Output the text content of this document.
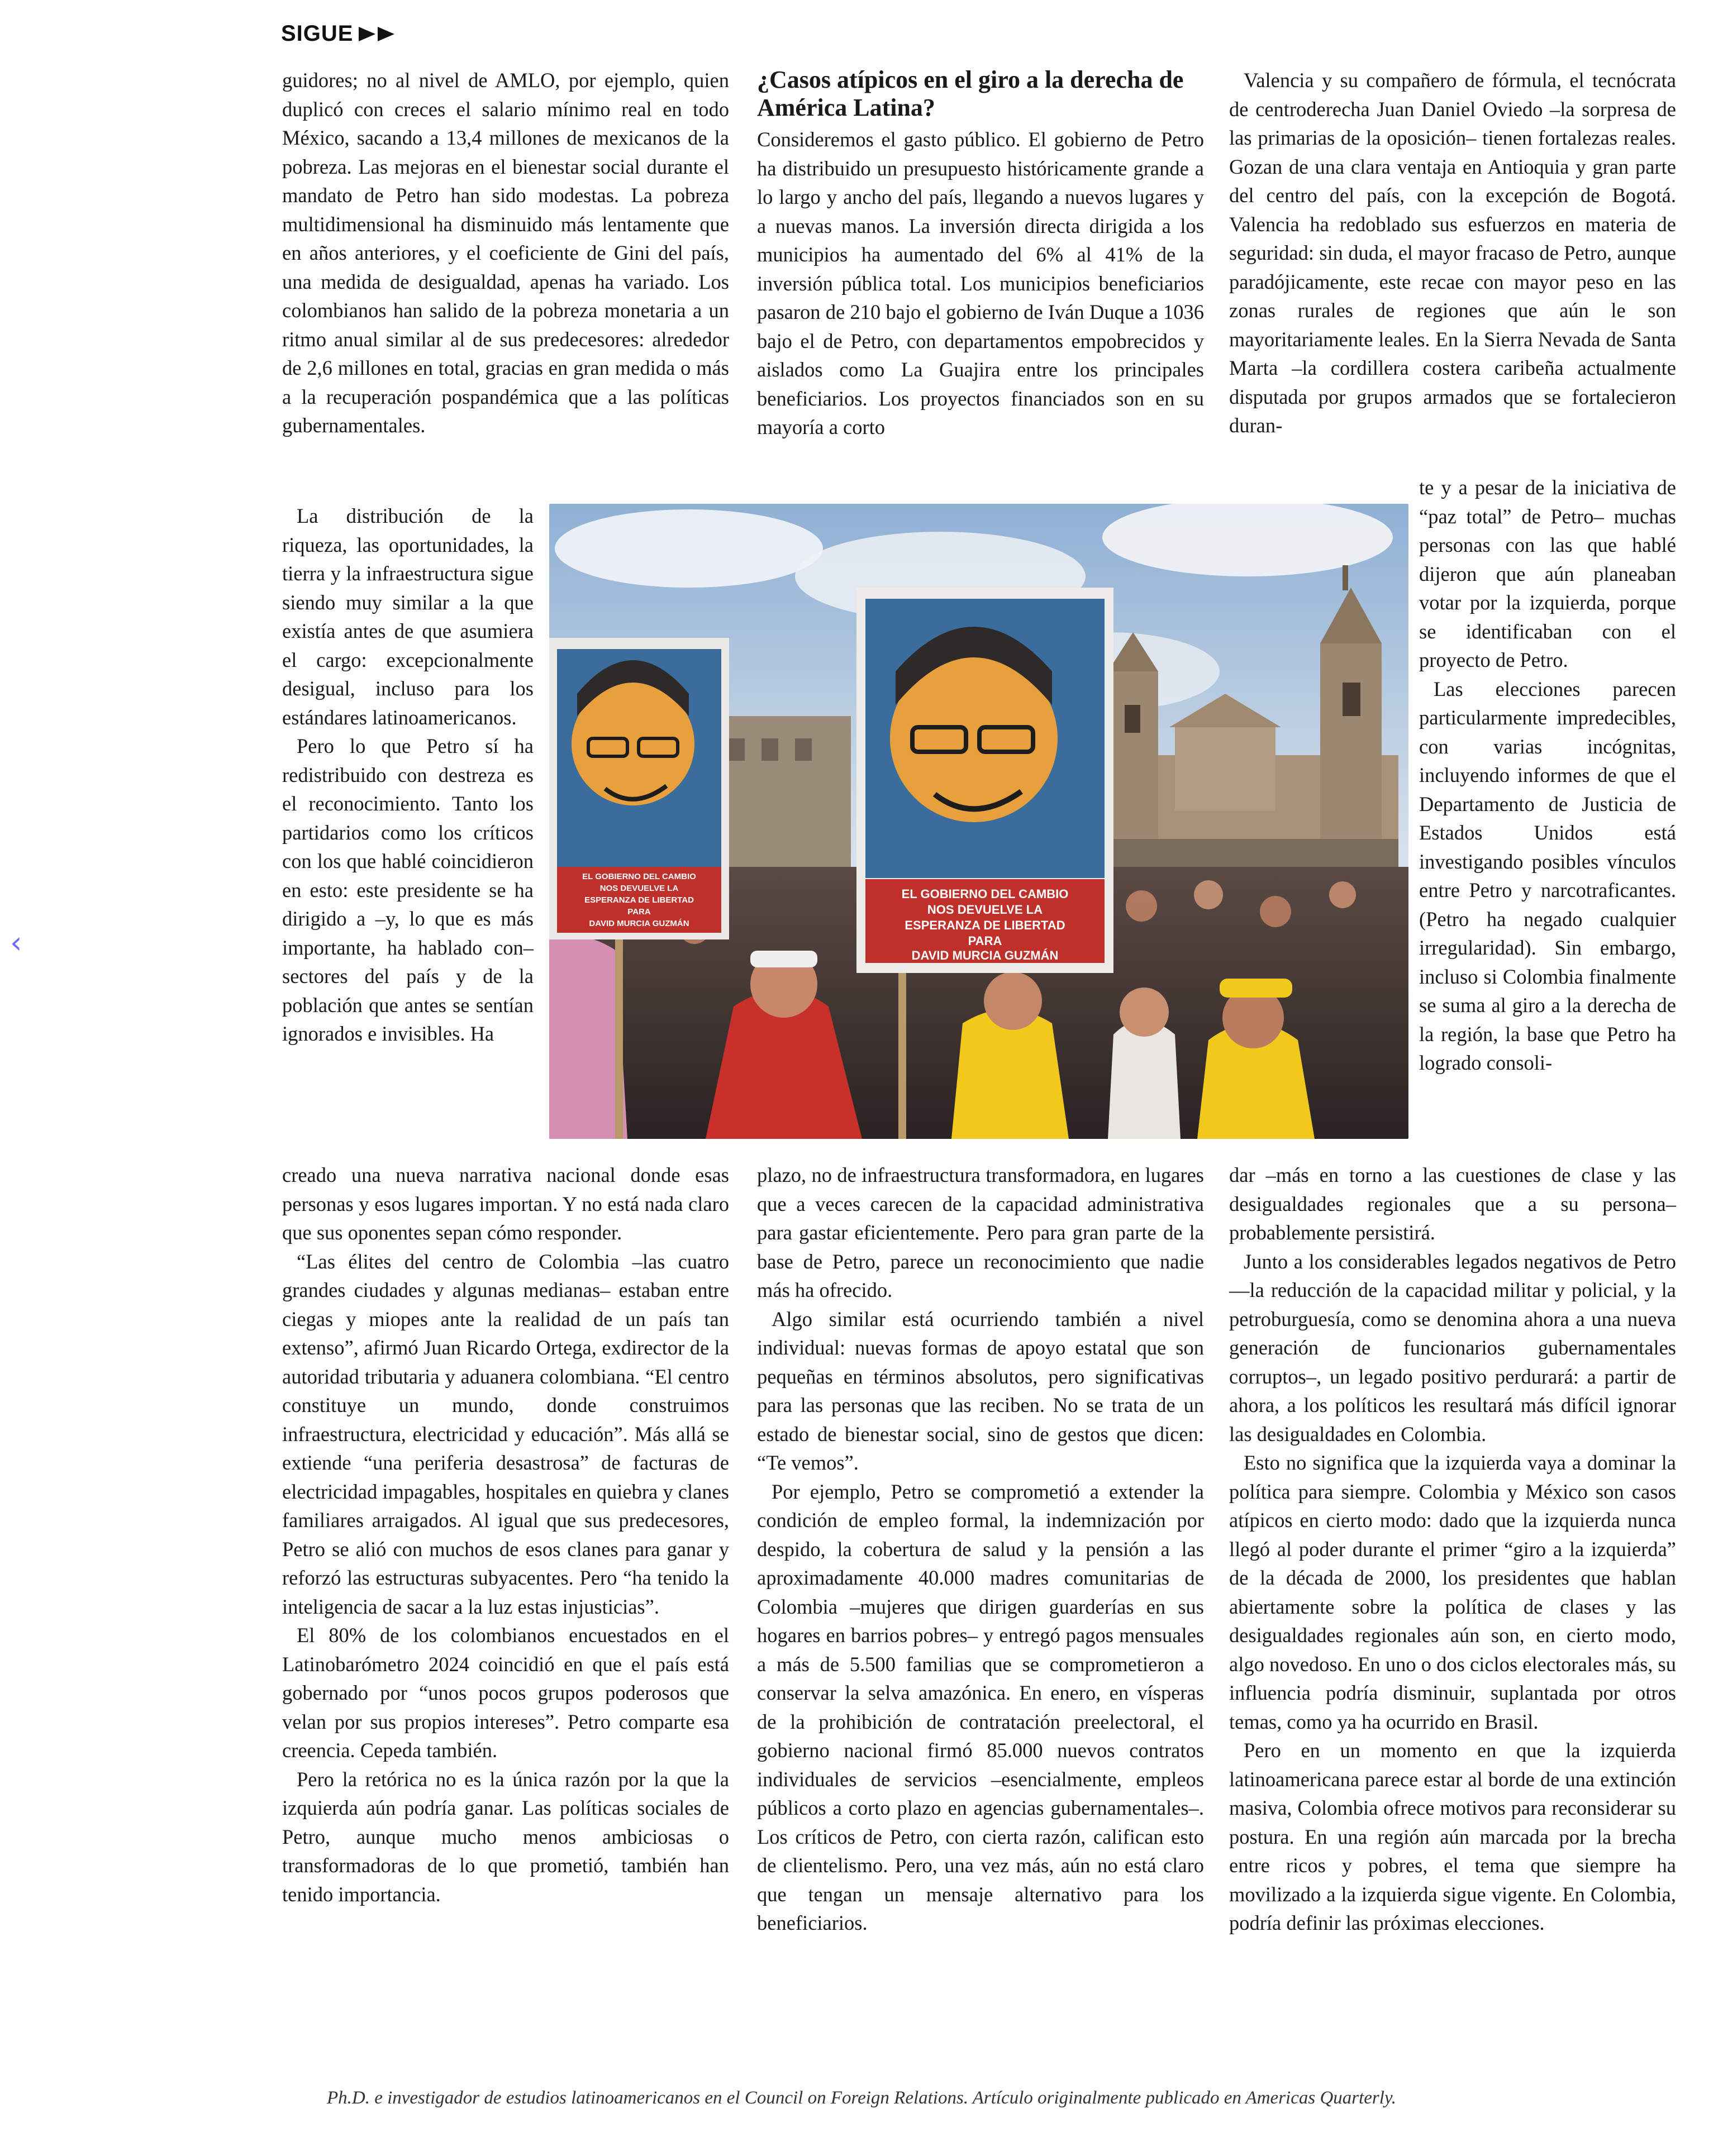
‹
SIGUE

guidores; no al nivel de AMLO, por ejemplo, quien duplicó con creces el salario mínimo real en todo México, sacando a 13,4 millones de mexicanos de la pobreza. Las mejoras en el bienestar social durante el mandato de Petro han sido modestas. La pobreza multidimensional ha disminuido más lentamente que en años anteriores, y el coeficiente de Gini del país, una medida de desigualdad, apenas ha variado. Los colombianos han salido de la pobreza monetaria a un ritmo anual similar al de sus predecesores: alrededor de 2,6 millones en total, gracias en gran medida o más a la recuperación pospandémica que a las políticas gubernamentales.

La distribución de la riqueza, las oportunidades, la tierra y la infraestructura sigue siendo muy similar a la que existía antes de que asumiera el cargo: excepcionalmente desigual, incluso para los estándares latinoamericanos.

Pero lo que Petro sí ha redistribuido con destreza es el reconocimiento. Tanto los partidarios como los críticos con los que hablé coincidieron en esto: este presidente se ha dirigido a –y, lo que es más importante, ha hablado con– sectores del país y de la población que antes se sentían ignorados e invisibles. Ha

creado una nueva narrativa nacional donde esas personas y esos lugares importan. Y no está nada claro que sus oponentes sepan cómo responder.

“Las élites del centro de Colombia –las cuatro grandes ciudades y algunas medianas– estaban entre ciegas y miopes ante la realidad de un país tan extenso”, afirmó Juan Ricardo Ortega, exdirector de la autoridad tributaria y aduanera colombiana. “El centro constituye un mundo, donde construimos infraestructura, electricidad y educación”. Más allá se extiende “una periferia desastrosa” de facturas de electricidad impagables, hospitales en quiebra y clanes familiares arraigados. Al igual que sus predecesores, Petro se alió con muchos de esos clanes para ganar y reforzó las estructuras subyacentes. Pero “ha tenido la inteligencia de sacar a la luz estas injusticias”.

El 80% de los colombianos encuestados en el Latinobarómetro 2024 coincidió en que el país está gobernado por “unos pocos grupos poderosos que velan por sus propios intereses”. Petro comparte esa creencia. Cepeda también.

Pero la retórica no es la única razón por la que la izquierda aún podría ganar. Las políticas sociales de Petro, aunque mucho menos ambiciosas o transformadoras de lo que prometió, también han tenido importancia.

¿Casos atípicos en el giro a la derecha de América Latina?

Consideremos el gasto público. El gobierno de Petro ha distribuido un presupuesto históricamente grande a lo largo y ancho del país, llegando a nuevos lugares y a nuevas manos. La inversión directa dirigida a los municipios ha aumentado del 6% al 41% de la inversión pública total. Los municipios beneficiarios pasaron de 210 bajo el gobierno de Iván Duque a 1036 bajo el de Petro, con departamentos empobrecidos y aislados como La Guajira entre los principales beneficiarios. Los proyectos financiados son en su mayoría a corto

plazo, no de infraestructura transformadora, en lugares que a veces carecen de la capacidad administrativa para gastar eficientemente. Pero para gran parte de la base de Petro, parece un reconocimiento que nadie más ha ofrecido.

Algo similar está ocurriendo también a nivel individual: nuevas formas de apoyo estatal que son pequeñas en términos absolutos, pero significativas para las personas que las reciben. No se trata de un estado de bienestar social, sino de gestos que dicen: “Te vemos”.

Por ejemplo, Petro se comprometió a extender la condición de empleo formal, la indemnización por despido, la cobertura de salud y la pensión a las aproximadamente 40.000 madres comunitarias de Colombia –mujeres que dirigen guarderías en sus hogares en barrios pobres– y entregó pagos mensuales a más de 5.500 familias que se comprometieron a conservar la selva amazónica. En enero, en vísperas de la prohibición de contratación preelectoral, el gobierno nacional firmó 85.000 nuevos contratos individuales de servicios –esencialmente, empleos públicos a corto plazo en agencias gubernamentales–. Los críticos de Petro, con cierta razón, califican esto de clientelismo. Pero, una vez más, aún no está claro que tengan un mensaje alternativo para los beneficiarios.

Valencia y su compañero de fórmula, el tecnócrata de centroderecha Juan Daniel Oviedo –la sorpresa de las primarias de la oposición– tienen fortalezas reales. Gozan de una clara ventaja en Antioquia y gran parte del centro del país, con la excepción de Bogotá. Valencia ha redoblado sus esfuerzos en materia de seguridad: sin duda, el mayor fracaso de Petro, aunque paradójicamente, este recae con mayor peso en las zonas rurales de regiones que aún le son mayoritariamente leales. En la Sierra Nevada de Santa Marta –la cordillera costera caribeña actualmente disputada por grupos armados que se fortalecieron duran-

te y a pesar de la iniciativa de “paz total” de Petro– muchas personas con las que hablé dijeron que aún planeaban votar por la izquierda, porque se identificaban con el proyecto de Petro.

Las elecciones parecen particularmente impredecibles, con varias incógnitas, incluyendo informes de que el Departamento de Justicia de Estados Unidos está investigando posibles vínculos entre Petro y narcotraficantes. (Petro ha negado cualquier irregularidad). Sin embargo, incluso si Colombia finalmente se suma al giro a la derecha de la región, la base que Petro ha logrado consoli-

dar –más en torno a las cuestiones de clase y las desigualdades regionales que a su persona– probablemente persistirá.

Junto a los considerables legados negativos de Petro —la reducción de la capacidad militar y policial, y la petroburguesía, como se denomina ahora a una nueva generación de funcionarios gubernamentales corruptos–, un legado positivo perdurará: a partir de ahora, a los políticos les resultará más difícil ignorar las desigualdades en Colombia.

Esto no significa que la izquierda vaya a dominar la política para siempre. Colombia y México son casos atípicos en cierto modo: dado que la izquierda nunca llegó al poder durante el primer “giro a la izquierda” de la década de 2000, los presidentes que hablan abiertamente sobre la política de clases y las desigualdades regionales aún son, en cierto modo, algo novedoso. En uno o dos ciclos electorales más, su influencia podría disminuir, suplantada por otros temas, como ya ha ocurrido en Brasil.

Pero en un momento en que la izquierda latinoamericana parece estar al borde de una extinción masiva, Colombia ofrece motivos para reconsiderar su postura. En una región aún marcada por la brecha entre ricos y pobres, el tema que siempre ha movilizado a la izquierda sigue vigente. En Colombia, podría definir las próximas elecciones.

EL GOBIERNO DEL CAMBIO
NOS DEVUELVE LA
ESPERANZA DE LIBERTAD
PARA
DAVID MURCIA GUZMÁN
EL GOBIERNO DEL CAMBIO
NOS DEVUELVE LA
ESPERANZA DE LIBERTAD
PARA
DAVID MURCIA GUZMÁN
Ph.D. e investigador de estudios latinoamericanos en el Council on Foreign Relations. Artículo originalmente publicado en Americas Quarterly.
